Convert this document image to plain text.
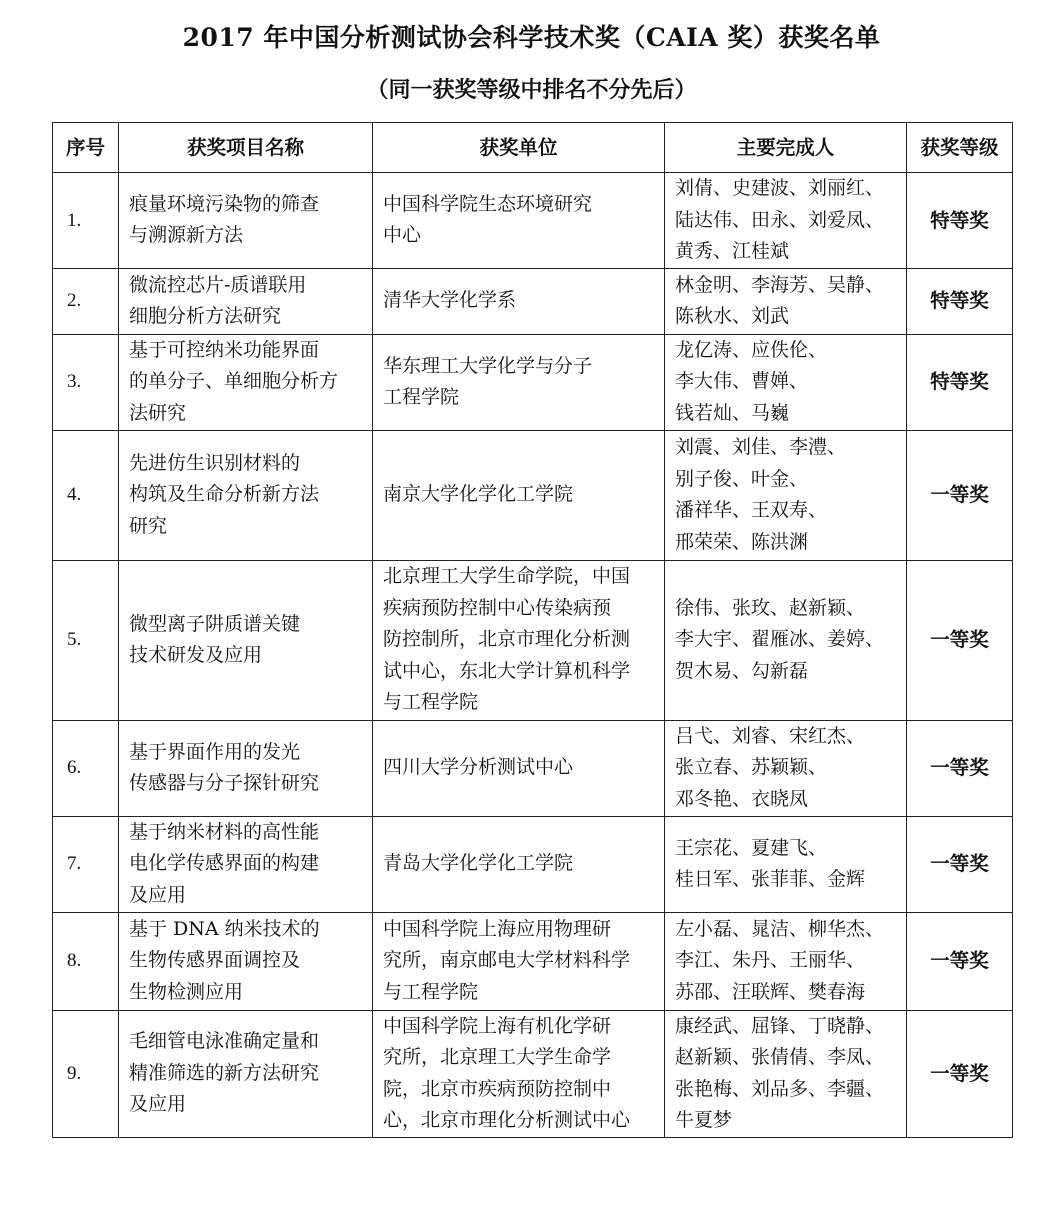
2017 年中国分析测试协会科学技术奖（CAIA 奖）获奖名单
（同一获奖等级中排名不分先后）
序号	获奖项目名称	获奖单位	主要完成人	获奖等级
1.	痕量环境污染物的筛查
与溯源新方法	中国科学院生态环境研究
中心	刘倩、史建波、刘丽红、
陆达伟、田永、刘爱凤、
黄秀、江桂斌	特等奖
2.	微流控芯片-质谱联用
细胞分析方法研究	清华大学化学系	林金明、李海芳、吴静、
陈秋水、刘武	特等奖
3.	基于可控纳米功能界面
的单分子、单细胞分析方
法研究	华东理工大学化学与分子
工程学院	龙亿涛、应佚伦、
李大伟、曹婵、
钱若灿、马巍	特等奖
4.	先进仿生识别材料的
构筑及生命分析新方法
研究	南京大学化学化工学院	刘震、刘佳、李澧、
别子俊、叶金、
潘祥华、王双寿、
邢荣荣、陈洪渊	一等奖
5.	微型离子阱质谱关键
技术研发及应用	北京理工大学生命学院，中国
疾病预防控制中心传染病预
防控制所，北京市理化分析测
试中心，东北大学计算机科学
与工程学院	徐伟、张玫、赵新颖、
李大宇、翟雁冰、姜婷、
贺木易、勾新磊	一等奖
6.	基于界面作用的发光
传感器与分子探针研究	四川大学分析测试中心	吕弋、刘睿、宋红杰、
张立春、苏颖颖、
邓冬艳、衣晓凤	一等奖
7.	基于纳米材料的高性能
电化学传感界面的构建
及应用	青岛大学化学化工学院	王宗花、夏建飞、
桂日军、张菲菲、金辉	一等奖
8.	基于 DNA 纳米技术的
生物传感界面调控及
生物检测应用	中国科学院上海应用物理研
究所，南京邮电大学材料科学
与工程学院	左小磊、晁洁、柳华杰、
李江、朱丹、王丽华、
苏邵、汪联辉、樊春海	一等奖
9.	毛细管电泳准确定量和
精准筛选的新方法研究
及应用	中国科学院上海有机化学研
究所，北京理工大学生命学
院，北京市疾病预防控制中
心，北京市理化分析测试中心	康经武、屈锋、丁晓静、
赵新颖、张倩倩、李凤、
张艳梅、刘品多、李疆、
牛夏梦	一等奖
